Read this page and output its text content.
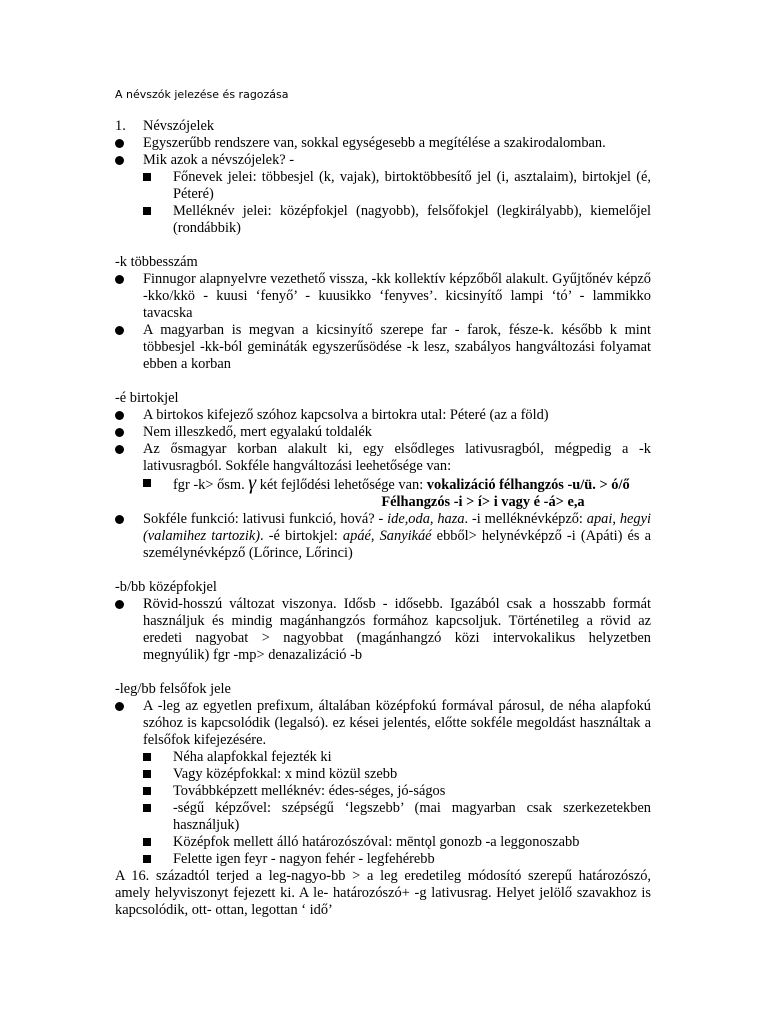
A névszók jelezése és ragozása
1. Névszójelek
Egyszerűbb rendszere van, sokkal egységesebb a megítélése a szakirodalomban.
Mik azok a névszójelek? -
Főnevek jelei: többesjel (k, vajak), birtoktöbbesítő jel (i, asztalaim), birtokjel (é, Péteré)
Melléknév jelei: középfokjel (nagyobb), felsőfokjel (legkirályabb), kiemelőjel (rondábbik)
-k többesszám
Finnugor alapnyelvre vezethető vissza, -kk kollektív képzőből alakult. Gyűjtőnév képző -kko/kkö - kuusi ‘fenyő’ - kuusikko ‘fenyves’. kicsinyítő lampi ‘tó’ - lammikko tavacska
A magyarban is megvan a kicsinyítő szerepe far - farok, fésze-k. később k mint többesjel -kk-ból gemináták egyszerűsödése -k lesz, szabályos hangváltozási folyamat ebben a korban
-é birtokjel
A birtokos kifejező szóhoz kapcsolva a birtokra utal: Péteré (az a föld)
Nem illeszkedő, mert egyalakú toldalék
Az ősmagyar korban alakult ki, egy elsődleges lativusragból, mégpedig a -k lativusragból. Sokféle hangváltozási leehetősége van:
fgr -k> ősm. γ két fejlődési lehetősége van: vokalizáció félhangzós -u/ü. > ó/ő
Félhangzós -i > í> i vagy é -á> e,a
Sokféle funkció: lativusi funkció, hová? - ide,oda, haza. -i melléknévképző: apai, hegyi (valamihez tartozik). -é birtokjel: apáé, Sanyikáé ebből> helynévképző -i (Apáti) és a személynévképző (Lőrince, Lőrinci)
-b/bb középfokjel
Rövid-hosszú változat viszonya. Idősb - idősebb. Igazából csak a hosszabb formát használjuk és mindig magánhangzós formához kapcsoljuk. Történetileg a rövid az eredeti nagyobat > nagyobbat (magánhangzó közi intervokalikus helyzetben megnyúlik) fgr -mp> denazalizáció -b
-leg/bb felsőfok jele
A -leg az egyetlen prefixum, általában középfokú formával párosul, de néha alapfokú szóhoz is kapcsolódik (legalsó). ez kései jelentés, előtte sokféle megoldást használtak a felsőfok kifejezésére.
Néha alapfokkal fejezték ki
Vagy középfokkal: x mind közül szebb
Továbbképzett melléknév: édes-séges, jó-ságos
-ségű képzővel: szépségű ‘legszebb’ (mai magyarban csak szerkezetekben használjuk)
Középfok mellett álló határozószóval: mēntǫl gonozb -a leggonoszabb
Felette igen feyr - nagyon fehér - legfehérebb
A 16. századtól terjed a leg-nagyo-bb > a leg eredetileg módosító szerepű határozószó, amely helyviszonyt fejezett ki. A le- határozószó+ -g lativusrag. Helyet jelölő szavakhoz is kapcsolódik, ott- ottan, legottan ‘ idő’
